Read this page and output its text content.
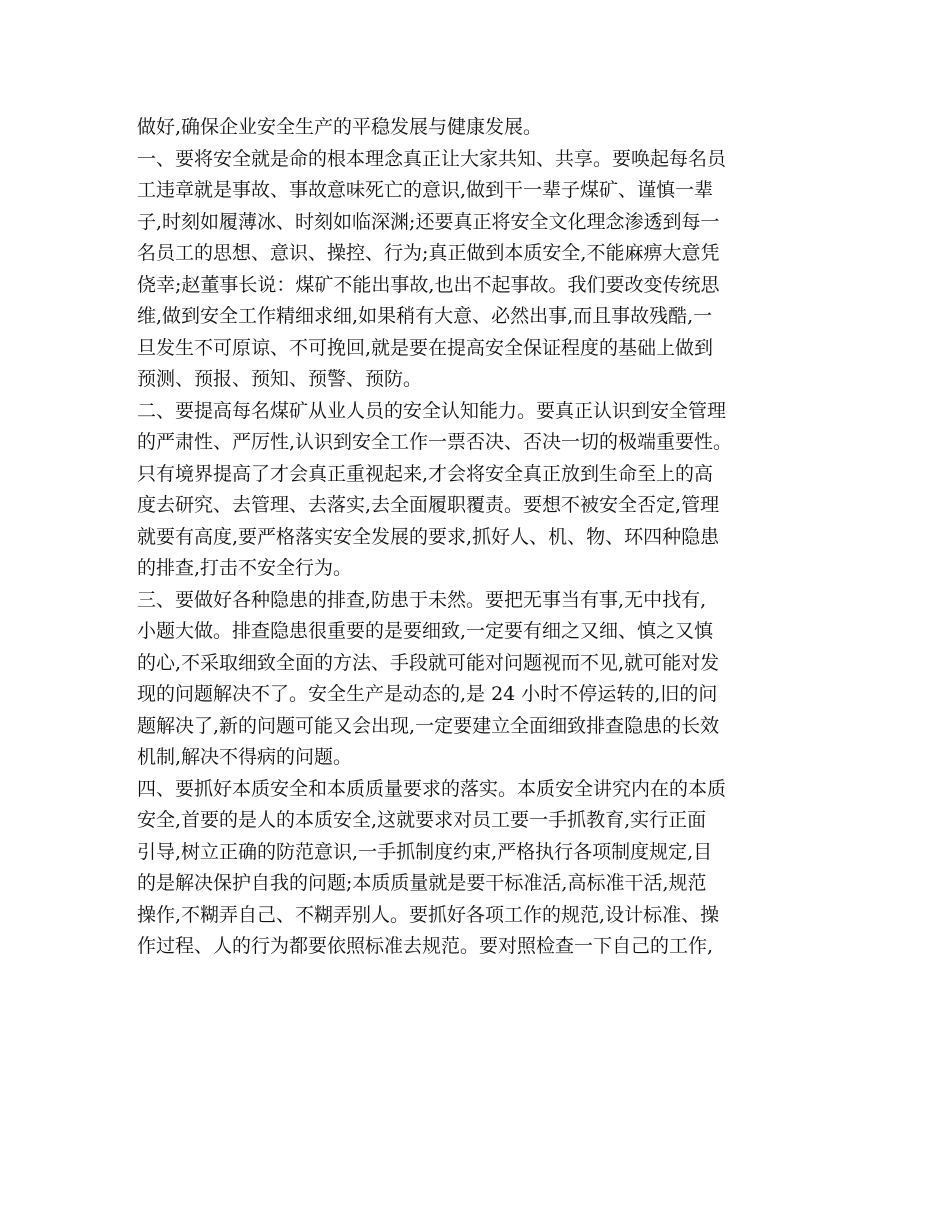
做好,确保企业安全生产的平稳发展与健康发展。
一、要将安全就是命的根本理念真正让大家共知、共享。要唤起每名员
工违章就是事故、事故意味死亡的意识,做到干一辈子煤矿、谨慎一辈
子,时刻如履薄冰、时刻如临深渊;还要真正将安全文化理念渗透到每一
名员工的思想、意识、操控、行为;真正做到本质安全,不能麻痹大意凭
侥幸;赵董事长说：煤矿不能出事故,也出不起事故。我们要改变传统思
维,做到安全工作精细求细,如果稍有大意、必然出事,而且事故残酷,一
旦发生不可原谅、不可挽回,就是要在提高安全保证程度的基础上做到
预测、预报、预知、预警、预防。
二、要提高每名煤矿从业人员的安全认知能力。要真正认识到安全管理
的严肃性、严厉性,认识到安全工作一票否决、否决一切的极端重要性。
只有境界提高了才会真正重视起来,才会将安全真正放到生命至上的高
度去研究、去管理、去落实,去全面履职覆责。要想不被安全否定,管理
就要有高度,要严格落实安全发展的要求,抓好人、机、物、环四种隐患
的排查,打击不安全行为。
三、要做好各种隐患的排查,防患于未然。要把无事当有事,无中找有,
小题大做。排查隐患很重要的是要细致,一定要有细之又细、慎之又慎
的心,不采取细致全面的方法、手段就可能对问题视而不见,就可能对发
现的问题解决不了。安全生产是动态的,是 24 小时不停运转的,旧的问
题解决了,新的问题可能又会出现,一定要建立全面细致排查隐患的长效
机制,解决不得病的问题。
四、要抓好本质安全和本质质量要求的落实。本质安全讲究内在的本质
安全,首要的是人的本质安全,这就要求对员工要一手抓教育,实行正面
引导,树立正确的防范意识,一手抓制度约束,严格执行各项制度规定,目
的是解决保护自我的问题;本质质量就是要干标准活,高标准干活,规范
操作,不糊弄自己、不糊弄别人。要抓好各项工作的规范,设计标准、操
作过程、人的行为都要依照标准去规范。要对照检查一下自己的工作,
